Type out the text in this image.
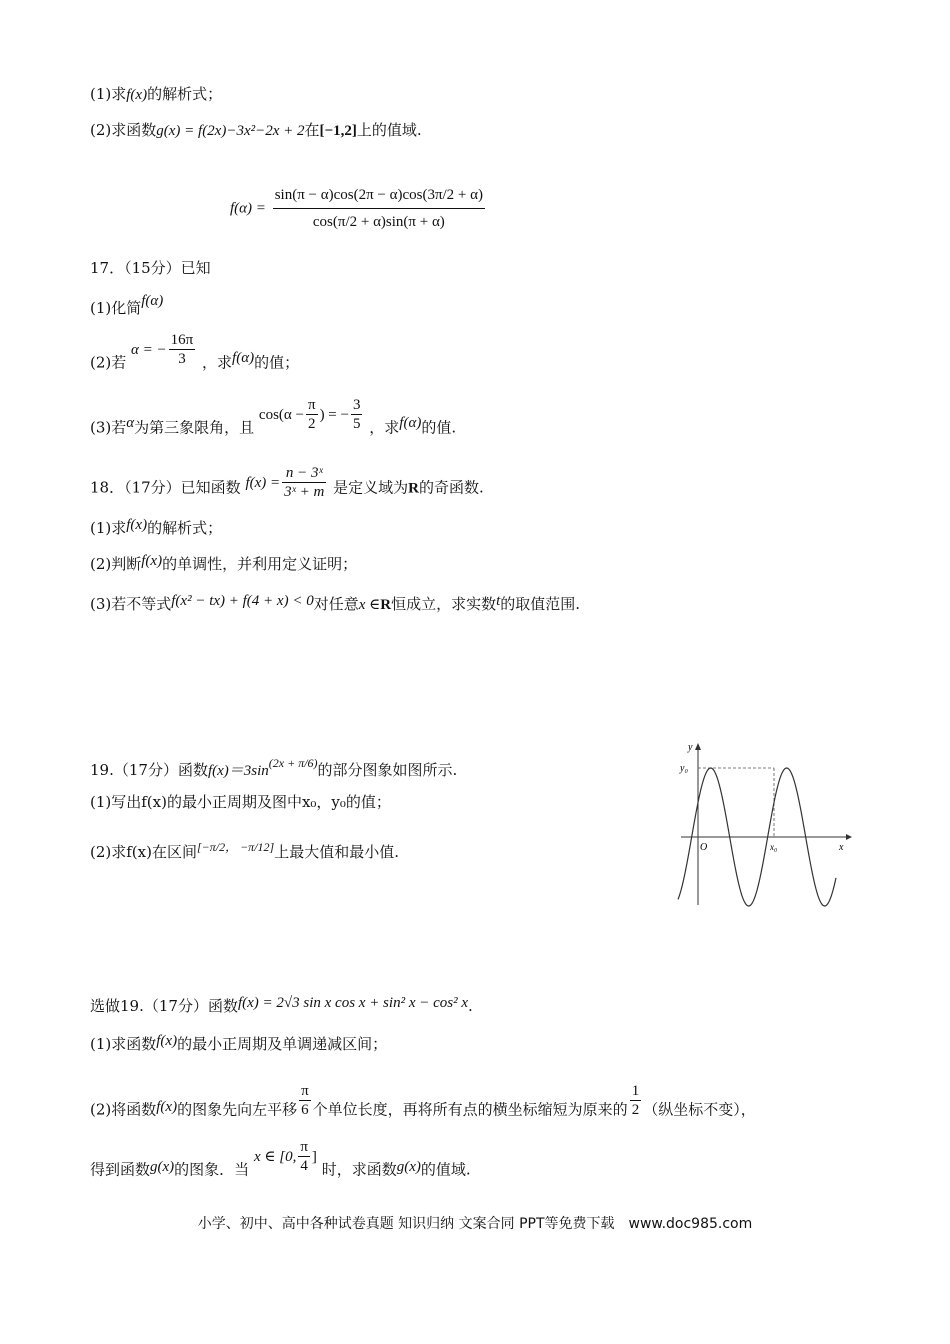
(1)求f(x)的解析式；
(2)求函数g(x) = f(2x)−3x²−2x + 2在[−1,2]上的值域.
$f(\alpha) = \frac{\sin(\pi - \alpha)\cos(2\pi - \alpha)\cos(3\pi/2 + \alpha)}{\cos(\pi/2 + \alpha)\sin(\pi + \alpha)}$
17．（15分）已知
(1)化简f(α)
(2)若 α = − $\frac{16\pi}{3}$ ，求f(α)的值；
(3)若α为第三象限角，且 $\cos(\alpha - \frac{\pi}{2}$ ) = − $\frac{3}{5}$ ，求f(α)的值.
18．（17分）已知函数 $f(x) = \frac{\text{n − 3ˣ}}{\text{3ˣ + m}}$ 是定义域为R的奇函数.
(1)求f(x)的解析式；
(2)判断f(x)的单调性，并利用定义证明；
(3)若不等式f(x² − tx) + f(4 + x) < 0对任意x ∈R恒成立，求实数t的取值范围.
19.（17分）函数$f(x)=3\sin^{(2x + \pi/6)}$的部分图象如图所示.
(1)写出f(x)的最小正周期及图中x₀，y₀的值；
(2)求f(x)在区间[−π/2， −π/12]上最大值和最小值.
y
y₀
O	x₀	x
选做19.（17分）函数f(x) = 2√3 sin x cos x + sin² x − cos² x.
(1)求函数f(x)的最小正周期及单调递减区间；
(2)将函数f(x)的图象先向左平移 $\frac{\pi}{6}$ 个单位长度，再将所有点的横坐标缩短为原来的 $\frac{1}{2}$ （纵坐标不变），
得到函数g(x)的图象．当 x ∈ [0, $\frac{\pi}{4}$ ] 时，求函数g(x)的值域.
小学、初中、高中各种试卷真题 知识归纳 文案合同 PPT等免费下载　www.doc985.com
